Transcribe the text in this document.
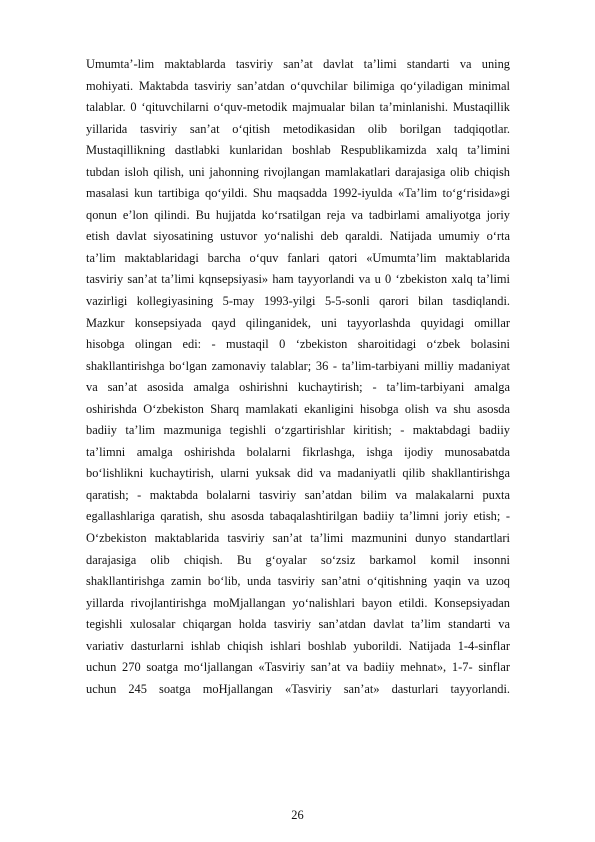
Umumta’-lim maktablarda tasviriy san’at davlat ta’limi standarti va uning
mohiyati. Maktabda tasviriy san’atdan o‘quvchilar bilimiga qo‘yiladigan minimal
talablar. 0 ‘qituvchilarni o‘quv-metodik majmualar bilan ta’minlanishi. Mustaqillik
yillarida tasviriy san’at o‘qitish metodikasidan olib borilgan tadqiqotlar.
Mustaqillikning dastlabki kunlaridan boshlab Respublikamizda xalq ta’limini
tubdan isloh qilish, uni jahonning rivojlangan mamlakatlari darajasiga olib chiqish
masalasi kun tartibiga qo‘yildi. Shu maqsadda 1992-iyulda «Ta’lim to‘g‘risida»gi
qonun e’lon qilindi. Bu hujjatda ko‘rsatilgan reja va tadbirlami amaliyotga joriy
etish davlat siyosatining ustuvor yo‘nalishi deb qaraldi. Natijada umumiy o‘rta
ta’lim maktablaridagi barcha o‘quv fanlari qatori «Umumta’lim maktablarida
tasviriy san’at ta’limi kqnsepsiyasi» ham tayyorlandi va u 0 ‘zbekiston xalq ta’limi
vazirligi kollegiyasining 5-may 1993-yilgi 5-5-sonli qarori bilan tasdiqlandi.
Mazkur konsepsiyada qayd qilinganidek, uni tayyorlashda quyidagi omillar
hisobga olingan edi: - mustaqil 0 ‘zbekiston sharoitidagi o‘zbek bolasini
shakllantirishga bo‘lgan zamonaviy talablar; 36 - ta’lim-tarbiyani milliy madaniyat
va san’at asosida amalga oshirishni kuchaytirish; - ta’lim-tarbiyani amalga
oshirishda O‘zbekiston Sharq mamlakati ekanligini hisobga olish va shu asosda
badiiy ta’lim mazmuniga tegishli o‘zgartirishlar kiritish; - maktabdagi badiiy
ta’limni amalga oshirishda bolalarni fikrlashga, ishga ijodiy munosabatda
bo‘lishlikni kuchaytirish, ularni yuksak did va madaniyatli qilib shakllantirishga
qaratish; - maktabda bolalarni tasviriy san’atdan bilim va malakalarni puxta
egallashlariga qaratish, shu asosda tabaqalashtirilgan badiiy ta’limni joriy etish; -
O‘zbekiston maktablarida tasviriy san’at ta’limi mazmunini dunyo standartlari
darajasiga olib chiqish. Bu g‘oyalar so‘zsiz barkamol komil insonni
shakllantirishga zamin bo‘lib, unda tasviriy san’atni o‘qitishning yaqin va uzoq
yillarda rivojlantirishga moMjallangan yo‘nalishlari bayon etildi. Konsepsiyadan
tegishli xulosalar chiqargan holda tasviriy san’atdan davlat ta’lim standarti va
variativ dasturlarni ishlab chiqish ishlari boshlab yuborildi. Natijada 1-4-sinflar
uchun 270 soatga mo‘ljallangan «Tasviriy san’at va badiiy mehnat», 1-7- sinflar
uchun 245 soatga moHjallangan «Tasviriy san’at» dasturlari tayyorlandi.
26
